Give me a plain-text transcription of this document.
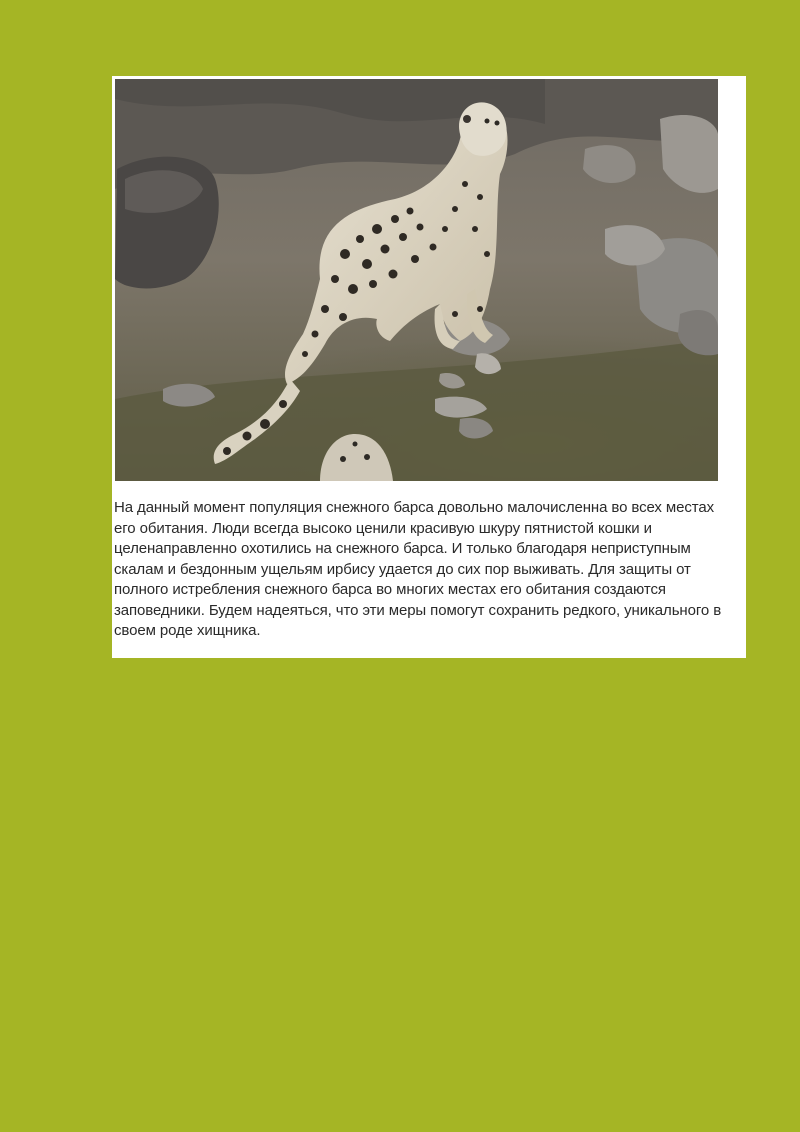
На данный момент популяция снежного барса довольно малочисленна во всех местах его обитания. Люди всегда высоко ценили красивую шкуру пятнистой кошки и целенаправленно охотились на снежного барса. И только благодаря неприступным скалам и бездонным ущельям ирбису удается до сих пор выживать. Для защиты от полного истребления снежного барса во многих местах его обитания создаются заповедники. Будем надеяться, что эти меры помогут сохранить редкого, уникального в своем роде хищника.
